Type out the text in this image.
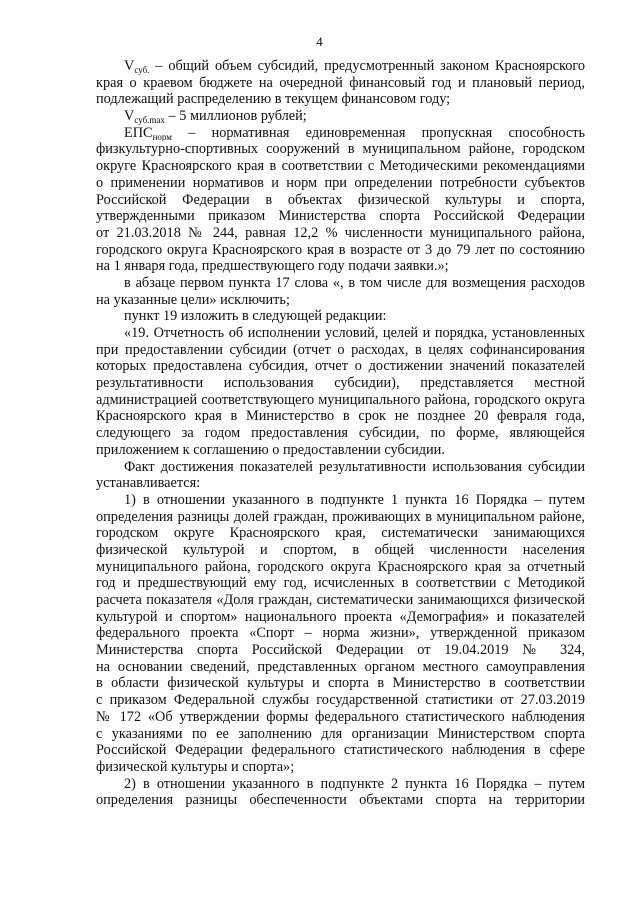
4
$V_{суб.}$ – общий объем субсидий, предусмотренный законом Красноярского
края о краевом бюджете на очередной финансовый год и плановый период,
подлежащий распределению в текущем финансовом году;
$V_{суб.max} - 5$ миллионов рублей;
$ЕПС_{норм}$ – нормативная единовременная пропускная способность
физкультурно-спортивных сооружений в муниципальном районе, городском
округе Красноярского края в соответствии с Методическими рекомендациями
о применении нормативов и норм при определении потребности субъектов
Российской Федерации в объектах физической культуры и спорта,
утвержденными приказом Министерства спорта Российской Федерации
от 21.03.2018 № 244, равная 12,2 % численности муниципального района,
городского округа Красноярского края в возрасте от 3 до 79 лет по состоянию
на 1 января года, предшествующего году подачи заявки.»;
в абзаце первом пункта 17 слова «, в том числе для возмещения расходов
на указанные цели» исключить;
пункт 19 изложить в следующей редакции:
«19. Отчетность об исполнении условий, целей и порядка, установленных
при предоставлении субсидии (отчет о расходах, в целях софинансирования
которых предоставлена субсидия, отчет о достижении значений показателей
результативности использования субсидии), представляется местной
администрацией соответствующего муниципального района, городского округа
Красноярского края в Министерство в срок не позднее 20 февраля года,
следующего за годом предоставления субсидии, по форме, являющейся
приложением к соглашению о предоставлении субсидии.
Факт достижения показателей результативности использования субсидии
устанавливается:
1) в отношении указанного в подпункте 1 пункта 16 Порядка – путем
определения разницы долей граждан, проживающих в муниципальном районе,
городском округе Красноярского края, систематически занимающихся
физической культурой и спортом, в общей численности населения
муниципального района, городского округа Красноярского края за отчетный
год и предшествующий ему год, исчисленных в соответствии с Методикой
расчета показателя «Доля граждан, систематически занимающихся физической
культурой и спортом» национального проекта «Демография» и показателей
федерального проекта «Спорт – норма жизни», утвержденной приказом
Министерства спорта Российской Федерации от 19.04.2019 № 324,
на основании сведений, представленных органом местного самоуправления
в области физической культуры и спорта в Министерство в соответствии
с приказом Федеральной службы государственной статистики от 27.03.2019
№ 172 «Об утверждении формы федерального статистического наблюдения
с указаниями по ее заполнению для организации Министерством спорта
Российской Федерации федерального статистического наблюдения в сфере
физической культуры и спорта»;
2) в отношении указанного в подпункте 2 пункта 16 Порядка – путем
определения разницы обеспеченности объектами спорта на территории
